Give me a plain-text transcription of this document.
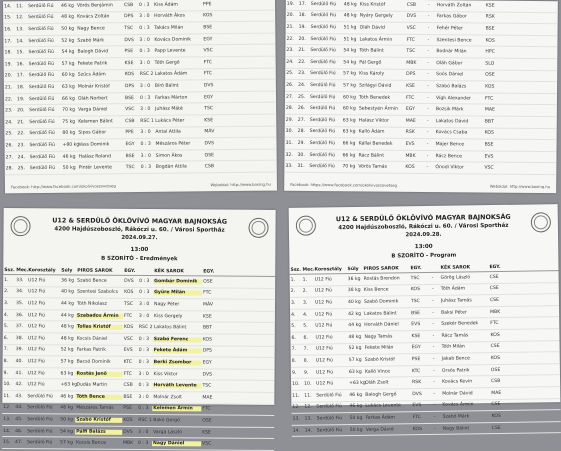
14.	11.	Serdülő Fiú	46 kg Vörös Benjámin	CSB	0 : 3	Kiss Ádám	PPE
15.	12.	Serdülő Fiú	48 kg Kovács Zoltán	DPS	3 : 0	Horváth Ákos	KOS
16.	13.	Serdülő Fiú	50 kg Nagy Bence	TSC	0 : 3	Takács Milán	BSE
17.	14.	Serdülő Fiú	52 kg Szabó Márk	DVS	3 : 0	Kovács Dominik	EGY
18.	15.	Serdülő Fiú	54 kg Balogh Dávid	PSE	0 : 3	Papp Levente	VSC
19.	16.	Serdülő Fiú	57 kg Fekete Patrik	KSE	3 : 0	Tóth Gergő	FTC
20.	17.	Serdülő Fiú	60 kg Szűcs Ádám	KOS	RSC 2 Lakatos Ádám	FTC
21.	18.	Serdülő Fiú	63 kg Molnár Kristóf	DPS	3 : 0	Bíró Bálint	DVS
22.	19.	Serdülő Fiú	66 kg Oláh Norbert	BSE	0 : 3	Farkas Márton	EGY
23.	20.	Serdülő Fiú	70 kg Varga Dániel	VSC	3 : 0	Juhász Máté	TSC
24.	21.	Serdülő Fiú	75 kg Kelemen Bálint	CSB	RSC 1 Lukács Péter	KSE
25.	22.	Serdülő Fiú	80 kg Sipos Gábor	PPE	3 : 0	Antal Attila	MÁV
26.	23.	Serdülő Fiú	+80 kg Vass Dominik	EGY	0 : 3	Mészáros Péter	DVS
27.	24.	Serdülő Fiú	46 kg Halász Roland	BSE	3 : 0	Simon Ákos	OSE
28.	25.	Serdülő Fiú	50 kg Pintér Levente	TSC	0 : 3	Bogdán Attila	CSB
Facebook: http://www.facebook.com/okolvivoszovetseg	Weboldal: http://www.boxing.hu
19.	17.	Serdülő Fiú	48 kg Kiss Kristóf	CSB	-	Horváth Zoltán	KSE
20.	18.	Serdülő Fiú	48 kg Nyáry Gergely	DVS	-	Farkas Gábor	RSK
21.	19.	Serdülő Fiú	51 kg Oláh Dávid	VSC	-	Fehér Péter	BSE
22.	20.	Serdülő Fiú	51 kg Lakatos Ármin	FTC	-	Szentesi Bence	KOS
23.	21.	Serdülő Fiú	54 kg Tóth Bálint	TSC	-	Bodnár Milán	HPC
24.	22.	Serdülő Fiú	54 kg Pál Gergő	MBK	-	Oláh Gábor	SLO
25.	23.	Serdülő Fiú	57 kg Kiss Károly	DPS	-	Soós Dániel	OSE
26.	24.	Serdülő Fiú	57 kg Szilágyi Dávid	KSE	-	Szabó Balázs	KOS
27.	25.	Serdülő Fiú	60 kg Tóth Benedek	FTC	-	Vígh Alexander	FTC
28.	26.	Serdülő Fiú	60 kg Sebestyén Ármin	EGY	-	Bozsik Márk	MAE
29.	27.	Serdülő Fiú	63 kg Halász Viktor	MAE	-	Lakatos Dávid	BBT
30.	28.	Serdülő Fiú	63 kg Kalló Ádám	RSK	-	Kovács Csaba	KOS
31.	29.	Serdülő Fiú	66 kg Kállai Benedek	EVS	-	Majer Bence	BSE
32.	30.	Serdülő Fiú	66 kg Rácz Bálint	MBK	-	Rácz Bence	EVS
33.	31.	Serdülő Fiú	70 kg Vörös Tamás	KOS	-	Ónodi Viktor	VSC
Facebook: https://www.facebook.com/okolvivoszovetseg	Weboldal: http://www.boxing.hu
U12 & SERDÜLŐ ÖKLÖVÍVÓ MAGYAR BAJNOKSÁG
4200 Hajdúszoboszló, Rákóczi u. 60. / Városi Sportház
2024.09.27.
13:00
B SZORÍTÓ - Eredmények
Ssz. Mec. Korosztály	Súly	PIROS SAROK	EGY.	KÉK SAROK	EGY.
1.	33.	U12 Fiú	36 kg Szabó Bence	DVS	0 : 3	Gombár Dominik	OSE
2.	34.	U12 Fiú	40 kg Szentesi Szabolcs	KOS	0 : 3	Gyüre Milán	FTC
3.	35.	U12 Fiú	44 kg Tóth Nikolasz	TSC	3 : 0	Nagy Péter	MÁV
4.	36.	U12 Fiú	44 kg Szabados Ármin	FTC	3 : 0	Kiss Gergely	KSE
5.	37.	U12 Fiú	48 kg Tollas Kristóf	KOS	RSC 2 Lakatos Bálint	BBT
6.	38.	U12 Fiú	48 kg Kocsis Dániel	VSC	0 : 3	Szabó Ferenc	KOS
7.	39.	U12 Fiú	52 kg Farkas Patrik	EVS	0 : 3	Fekete Ádám	DPS
8.	40.	U12 Fiú	57 kg Bacsó Dominik	KTC	0 : 3	Berki Zsombor	EGY
9.	41.	U12 Fiú	63 kg Rostás Jenő	FTC	3 : 0	Kiss Viktor	DVS
10.	42.	U12 Fiú	+63 kg Dudás Martin	CSB	0 : 3	Horváth Levente	TSC
11.	43.	Serdülő Fiú	46 kg Tóth Bence	BSE	3 : 0	Molnár Zsolt	MAE
12.	44.	Serdülő Fiú	46 kg Mészáros Tamás	PSE	0 : 3	Kelemen Ármin	FTC
13.	45.	Serdülő Fiú	50 kg Szabó Kristóf	KOS	RSC 1 Bakó Gergő	OSE
14.	46.	Serdülő Fiú	54 kg Pálfi Balázs	DVS	3 : 0	Varga László	KSE
15.	47.	Serdülő Fiú	57 kg Kocsis Bence	MBK	0 : 3	Nagy Dániel	VSC
U12 & SERDÜLŐ ÖKLÖVÍVÓ MAGYAR BAJNOKSÁG
4200 Hajdúszoboszló, Rákóczi u. 60. / Városi Sportház
2024.09.28.
13:00
B SZORÍTÓ - Program
Ssz. Mec. Korosztály	Súly	PIROS SAROK	EGY.	KÉK SAROK	EGY.
1.	1.	U12 Fiú	36 kg Rostás Brendon	TSC	-	Görög László	CSE
2.	2.	U12 Fiú	38 kg Kiss Bence	KOS	-	Tóth Ádám	CSE
3.	3.	U12 Fiú	40 kg Szabó Dominik	TSC	-	Juhász Tamás	CSE
4.	4.	U12 Fiú	42 kg Lakatos Bálint	BSE	-	Baksi Péter	MBK
5.	5.	U12 Fiú	44 kg Horváth Dániel	EVS	-	Szekér Benedek	FTC
6.	6.	U12 Fiú	48 kg Nagy Tamás	KSE	-	Rácz Tamás	KOS
7.	7.	U12 Fiú	52 kg Fekete Milán	EGY	-	Tóth Milán	CSE
8.	8.	U12 Fiú	57 kg Szabó Kristóf	PSE	-	Jakab Bence	KOS
9.	9.	U12 Fiú	63 kg Kalló Vince	KTC	-	Orsós Patrik	OSE
10.	10.	U12 Fiú	+63 kg Oláh Zsolt	RSK	-	Kovács Kevin	CSB
11.	11.	Serdülő Fiú	46 kg Balogh Gergő	DVS	-	Molnár Dávid	MAE
12.	12.	Serdülő Fiú	46 kg Lukács Levente	EVS	-	Kovács Ármin	CSE
13.	13.	Serdülő Fiú	50 kg Farkas Ádám	FTC	-	Szabó Márk	KOS
14.	14.	Serdülő Fiú	50 kg Varga Dávid	KOS	-	Nagy Bálint	CSE
